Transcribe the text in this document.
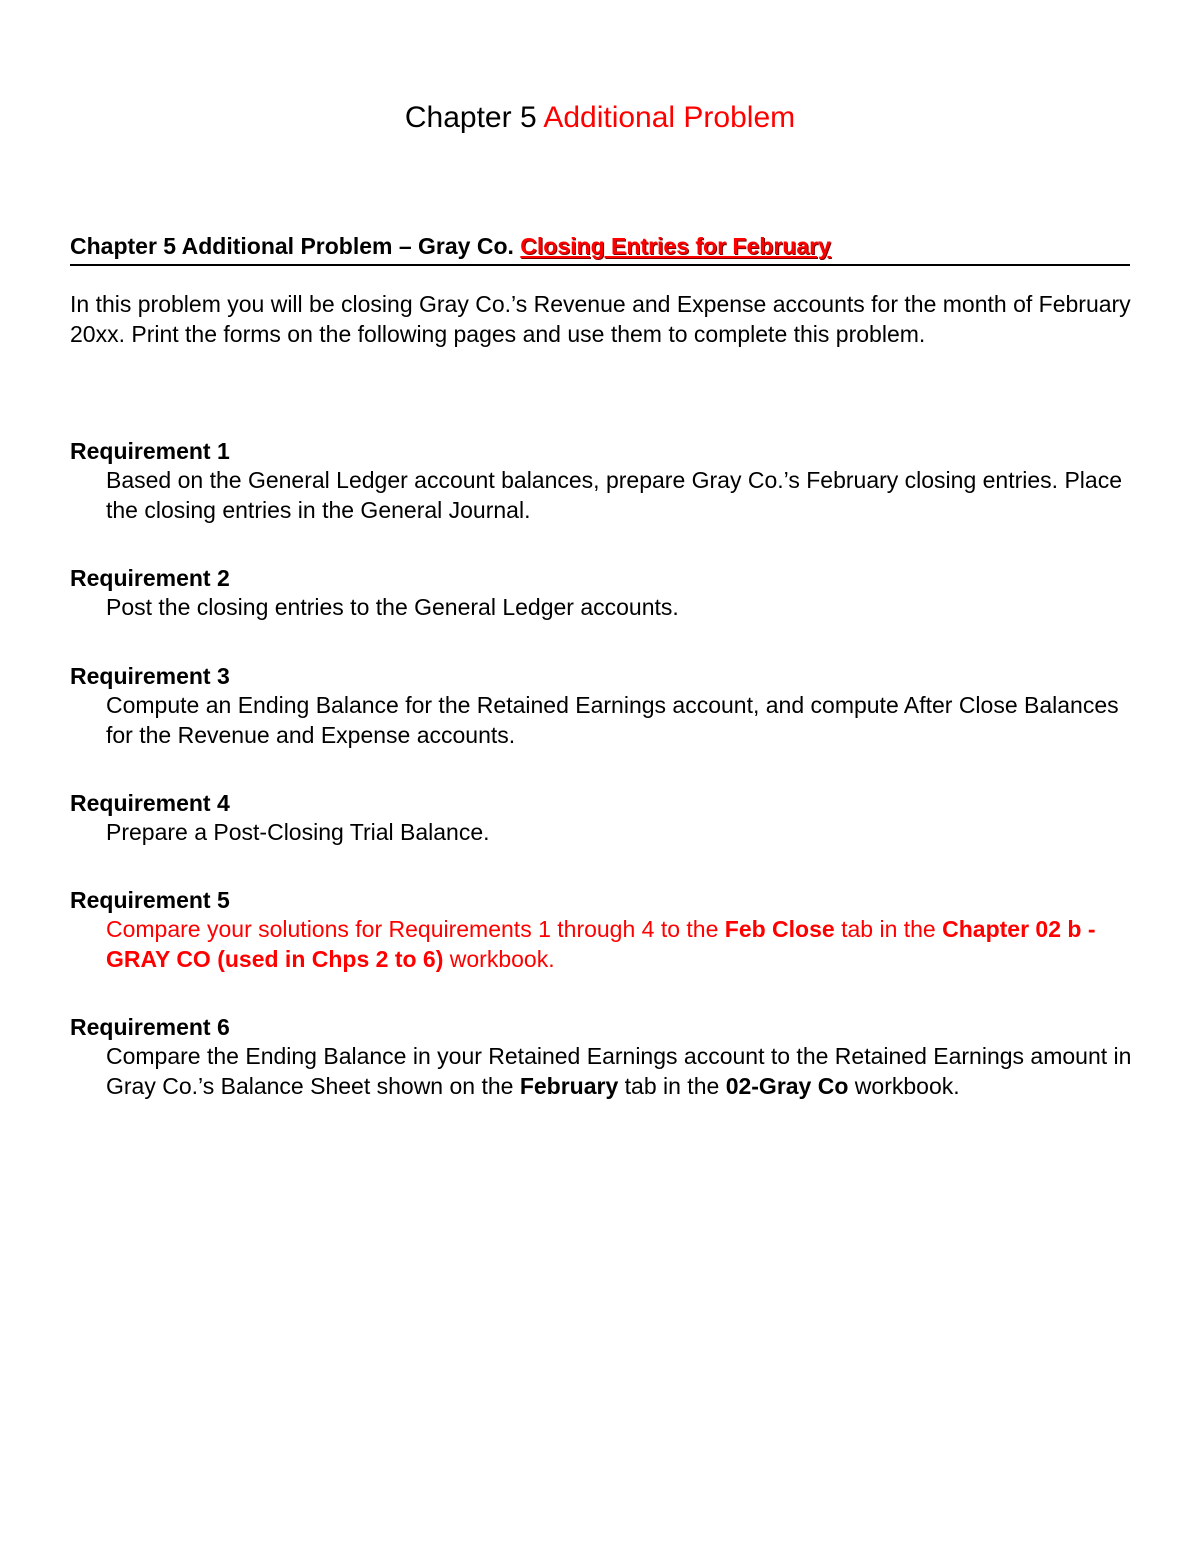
Chapter 5 Additional Problem
Chapter 5 Additional Problem – Gray Co. Closing Entries for February

In this problem you will be closing Gray Co.’s Revenue and Expense accounts for the month of February 20xx. Print the forms on the following pages and use them to complete this problem.

Requirement 1

Based on the General Ledger account balances, prepare Gray Co.’s February closing entries. Place the closing entries in the General Journal.

Requirement 2

Post the closing entries to the General Ledger accounts.

Requirement 3

Compute an Ending Balance for the Retained Earnings account, and compute After Close Balances for the Revenue and Expense accounts.

Requirement 4

Prepare a Post-Closing Trial Balance.

Requirement 5

Compare your solutions for Requirements 1 through 4 to the Feb Close tab in the Chapter 02 b - GRAY CO (used in Chps 2 to 6) workbook.

Requirement 6

Compare the Ending Balance in your Retained Earnings account to the Retained Earnings amount in Gray Co.’s Balance Sheet shown on the February tab in the 02-Gray Co workbook.
